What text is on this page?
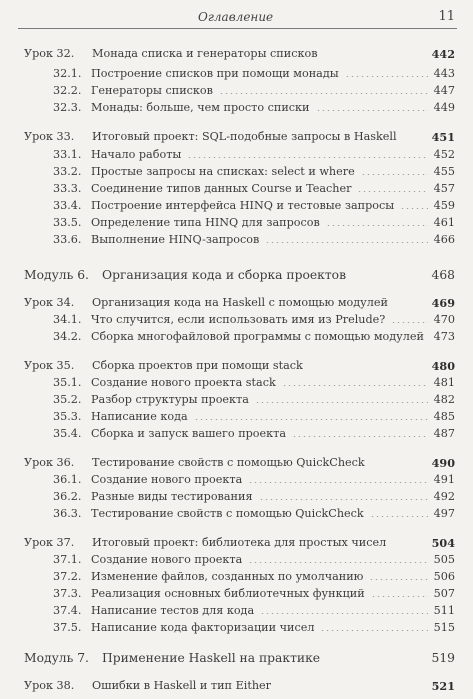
Оглавление	11
Урок 32. Монада списка и генераторы списков	442
32.1. Построение списков при помощи монады	443
32.2. Генераторы списков	447
32.3. Монады: больше, чем просто списки	449
Урок 33. Итоговый проект: SQL-подобные запросы в Haskell	451
33.1. Начало работы	452
33.2. Простые запросы на списках: select и where	455
33.3. Соединение типов данных Course и Teacher	457
33.4. Построение интерфейса HINQ и тестовые запросы	459
33.5. Определение типа HINQ для запросов	461
33.6. Выполнение HINQ-запросов	466
Модуль 6. Организация кода и сборка проектов	468
Урок 34. Организация кода на Haskell с помощью модулей	469
34.1. Что случится, если использовать имя из Prelude?	470
34.2. Сборка многофайловой программы с помощью модулей 473
Урок 35. Сборка проектов при помощи stack	480
35.1. Создание нового проекта stack	481
35.2. Разбор структуры проекта	482
35.3. Написание кода	485
35.4. Сборка и запуск вашего проекта	487
Урок 36. Тестирование свойств с помощью QuickCheck	490
36.1. Создание нового проекта	491
36.2. Разные виды тестирования	492
36.3. Тестирование свойств с помощью QuickCheck	497
Урок 37. Итоговый проект: библиотека для простых чисел	504
37.1. Создание нового проекта	505
37.2. Изменение файлов, созданных по умолчанию	506
37.3. Реализация основных библиотечных функций	507
37.4. Написание тестов для кода	511
37.5. Написание кода факторизации чисел	515
Модуль 7. Применение Haskell на практике	519
Урок 38. Ошибки в Haskell и тип Either	521
